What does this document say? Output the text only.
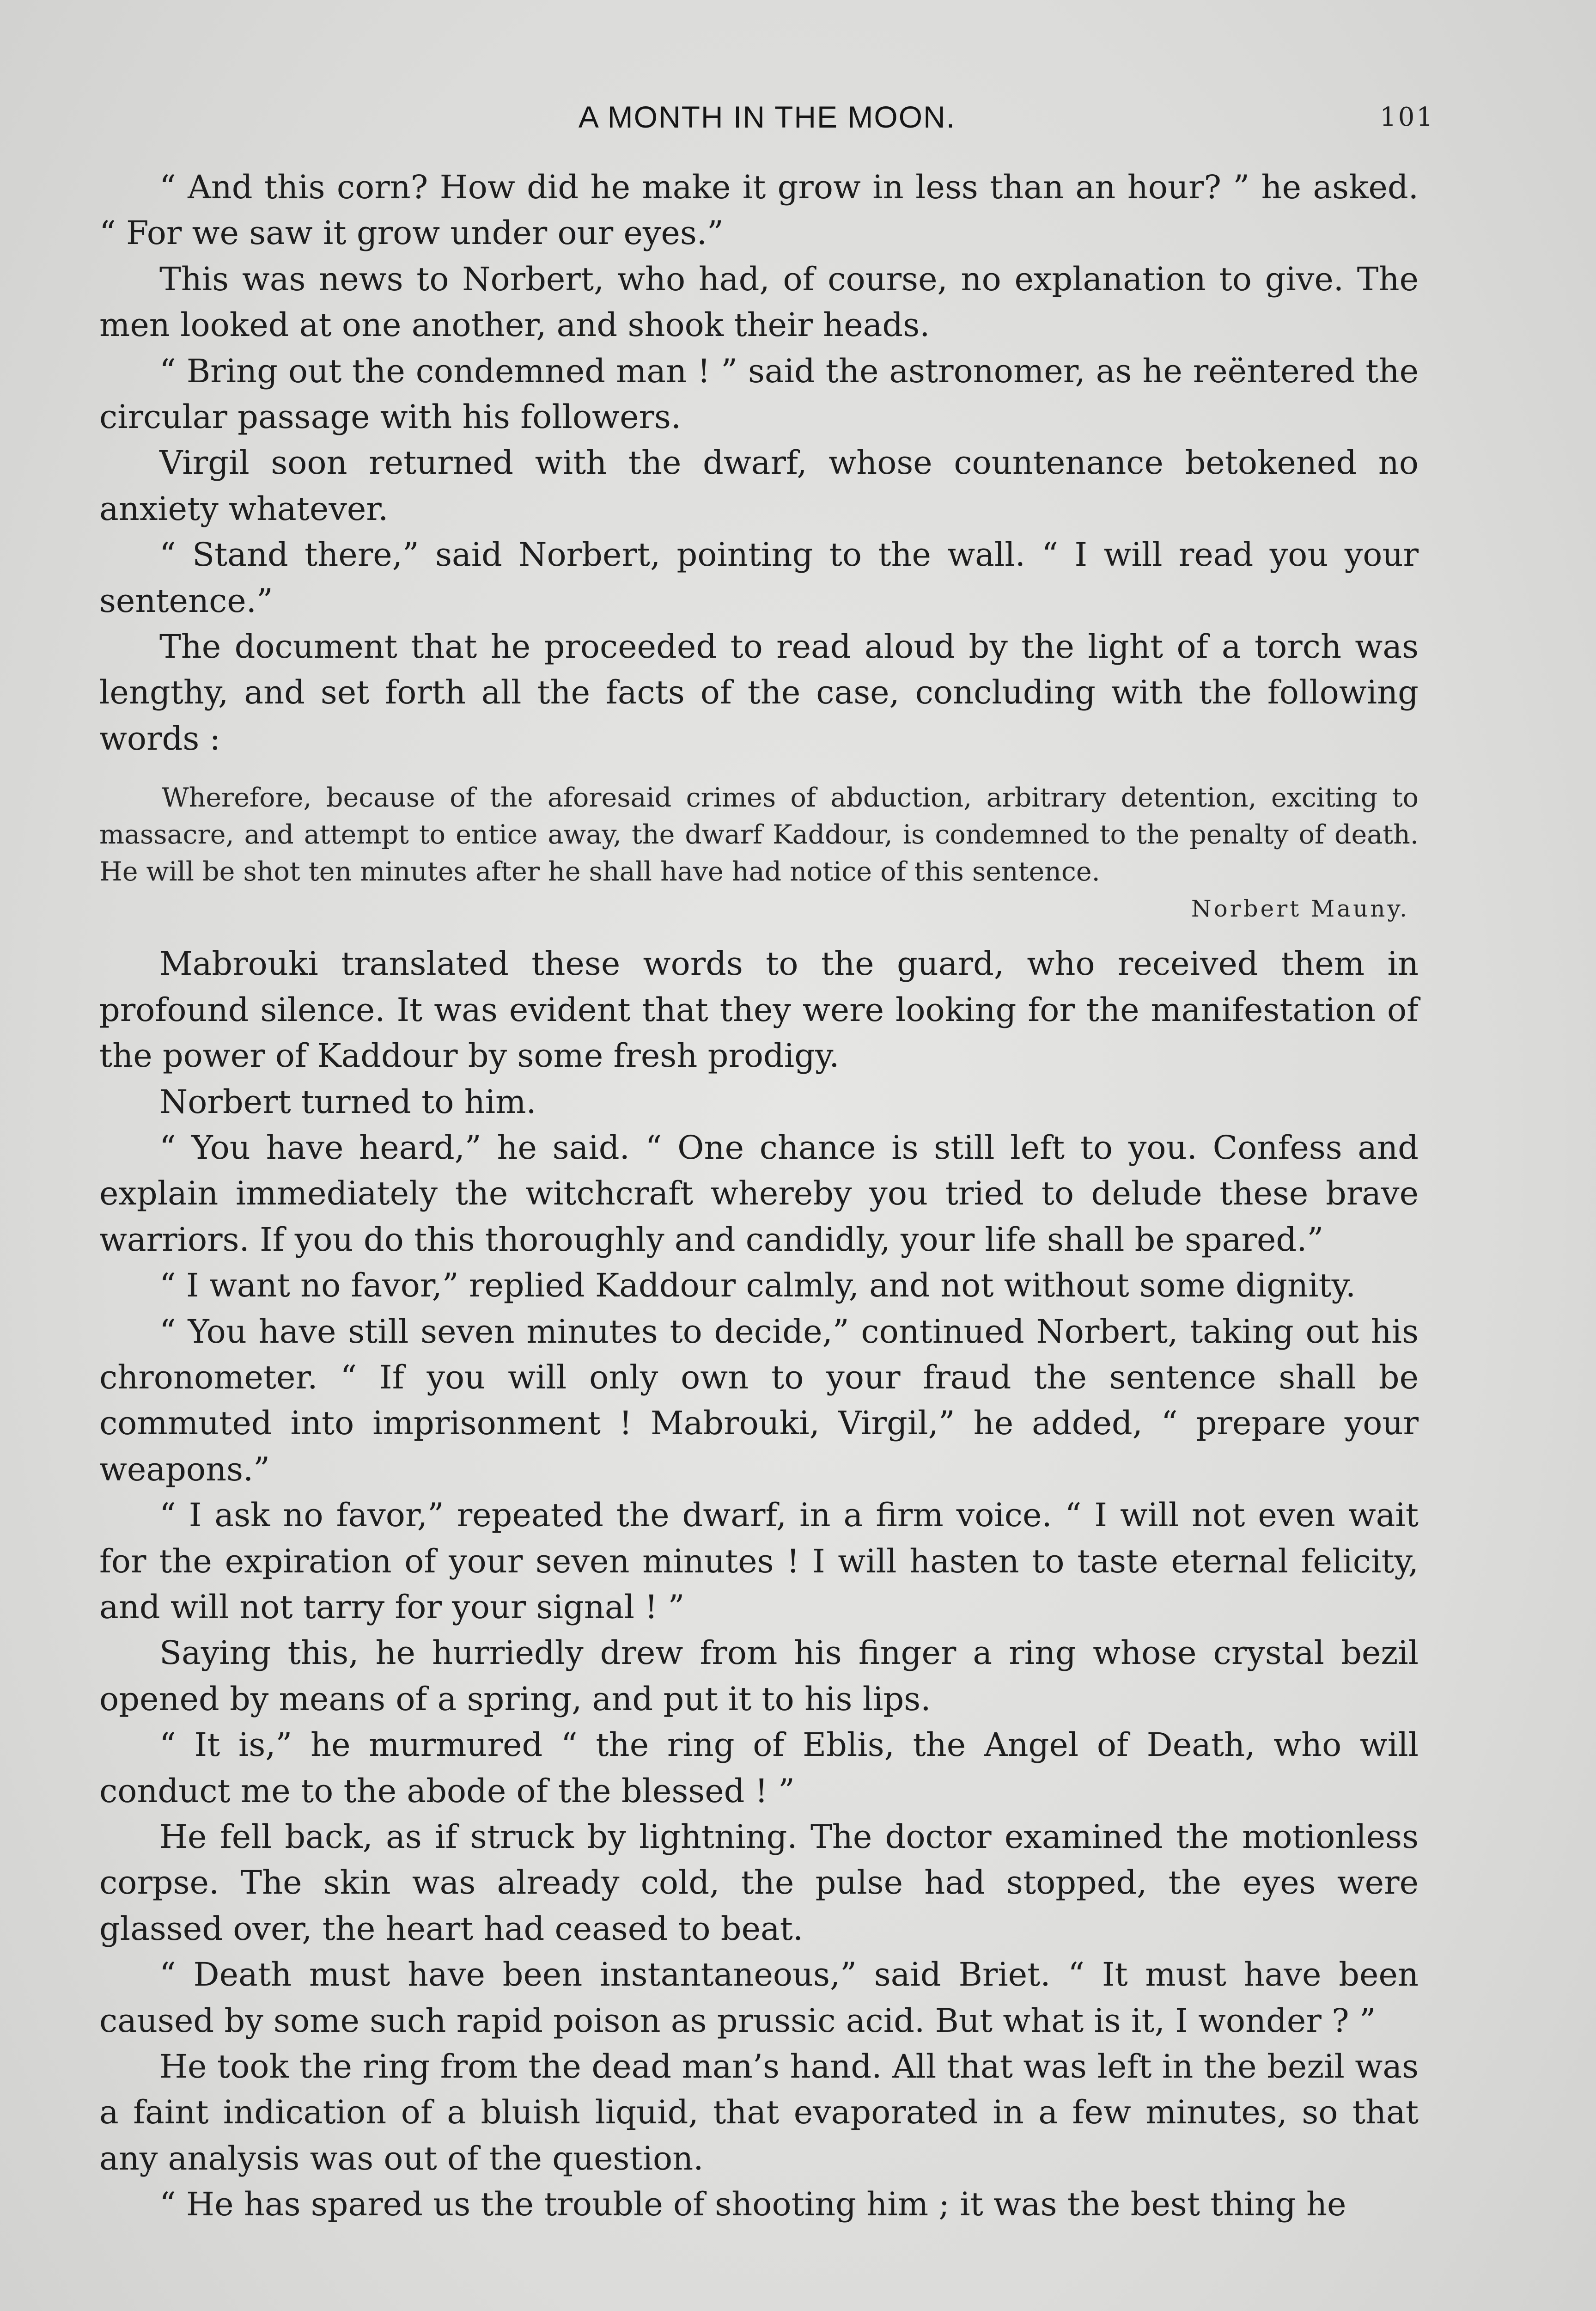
A MONTH IN THE MOON.	101

“ And this corn? How did he make it grow in less than an hour? ” he asked. “ For we saw it grow under our eyes.”

This was news to Norbert, who had, of course, no explanation to give. The men looked at one another, and shook their heads.

“ Bring out the condemned man ! ” said the astronomer, as he reëntered the circular passage with his followers.

Virgil soon returned with the dwarf, whose countenance betokened no anxiety whatever.

“ Stand there,” said Norbert, pointing to the wall. “ I will read you your sentence.”

The document that he proceeded to read aloud by the light of a torch was lengthy, and set forth all the facts of the case, concluding with the following words :

Wherefore, because of the aforesaid crimes of abduction, arbitrary detention, exciting to massacre, and attempt to entice away, the dwarf Kaddour, is condemned to the penalty of death. He will be shot ten minutes after he shall have had notice of this sentence.

Norbert Mauny.

Mabrouki translated these words to the guard, who received them in profound silence. It was evident that they were looking for the manifestation of the power of Kaddour by some fresh prodigy.

Norbert turned to him.

“ You have heard,” he said. “ One chance is still left to you. Confess and explain immediately the witchcraft whereby you tried to delude these brave warriors. If you do this thoroughly and candidly, your life shall be spared.”

“ I want no favor,” replied Kaddour calmly, and not without some dignity.

“ You have still seven minutes to decide,” continued Norbert, taking out his chronometer. “ If you will only own to your fraud the sentence shall be commuted into imprisonment ! Mabrouki, Virgil,” he added, “ prepare your weapons.”

“ I ask no favor,” repeated the dwarf, in a firm voice. “ I will not even wait for the expiration of your seven minutes ! I will hasten to taste eternal felicity, and will not tarry for your signal ! ”

Saying this, he hurriedly drew from his finger a ring whose crystal bezil opened by means of a spring, and put it to his lips.

“ It is,” he murmured “ the ring of Eblis, the Angel of Death, who will conduct me to the abode of the blessed ! ”

He fell back, as if struck by lightning. The doctor examined the motionless corpse. The skin was already cold, the pulse had stopped, the eyes were glassed over, the heart had ceased to beat.

“ Death must have been instantaneous,” said Briet. “ It must have been caused by some such rapid poison as prussic acid. But what is it, I wonder ? ”

He took the ring from the dead man’s hand. All that was left in the bezil was a faint indication of a bluish liquid, that evaporated in a few minutes, so that any analysis was out of the question.

“ He has spared us the trouble of shooting him ; it was the best thing he
